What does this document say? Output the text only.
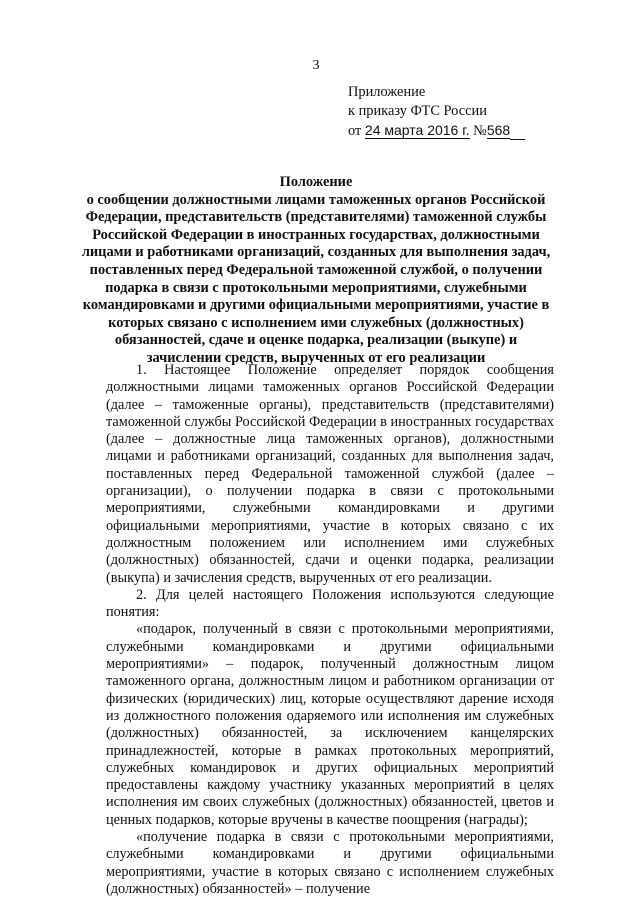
3
Приложение
к приказу ФТС России
от 24 марта 2016 г. №568
Положение
о сообщении должностными лицами таможенных органов Российской Федерации, представительств (представителями) таможенной службы Российской Федерации в иностранных государствах, должностными лицами и работниками организаций, созданных для выполнения задач, поставленных перед Федеральной таможенной службой, о получении подарка в связи с протокольными мероприятиями, служебными командировками и другими официальными мероприятиями, участие в которых связано с исполнением ими служебных (должностных) обязанностей, сдаче и оценке подарка, реализации (выкупе) и зачислении средств, вырученных от его реализации

1. Настоящее Положение определяет порядок сообщения должностными лицами таможенных органов Российской Федерации (далее – таможенные органы), представительств (представителями) таможенной службы Российской Федерации в иностранных государствах (далее – должностные лица таможенных органов), должностными лицами и работниками организаций, созданных для выполнения задач, поставленных перед Федеральной таможенной службой (далее – организации), о получении подарка в связи с протокольными мероприятиями, служебными командировками и другими официальными мероприятиями, участие в которых связано с их должностным положением или исполнением ими служебных (должностных) обязанностей, сдачи и оценки подарка, реализации (выкупа) и зачисления средств, вырученных от его реализации.

2. Для целей настоящего Положения используются следующие понятия:

«подарок, полученный в связи с протокольными мероприятиями, служебными командировками и другими официальными мероприятиями» – подарок, полученный должностным лицом таможенного органа, должностным лицом и работником организации от физических (юридических) лиц, которые осуществляют дарение исходя из должностного положения одаряемого или исполнения им служебных (должностных) обязанностей, за исключением канцелярских принадлежностей, которые в рамках протокольных мероприятий, служебных командировок и других официальных мероприятий предоставлены каждому участнику указанных мероприятий в целях исполнения им своих служебных (должностных) обязанностей, цветов и ценных подарков, которые вручены в качестве поощрения (награды);

«получение подарка в связи с протокольными мероприятиями, служебными командировками и другими официальными мероприятиями, участие в которых связано с исполнением служебных (должностных) обязанностей» – получение
